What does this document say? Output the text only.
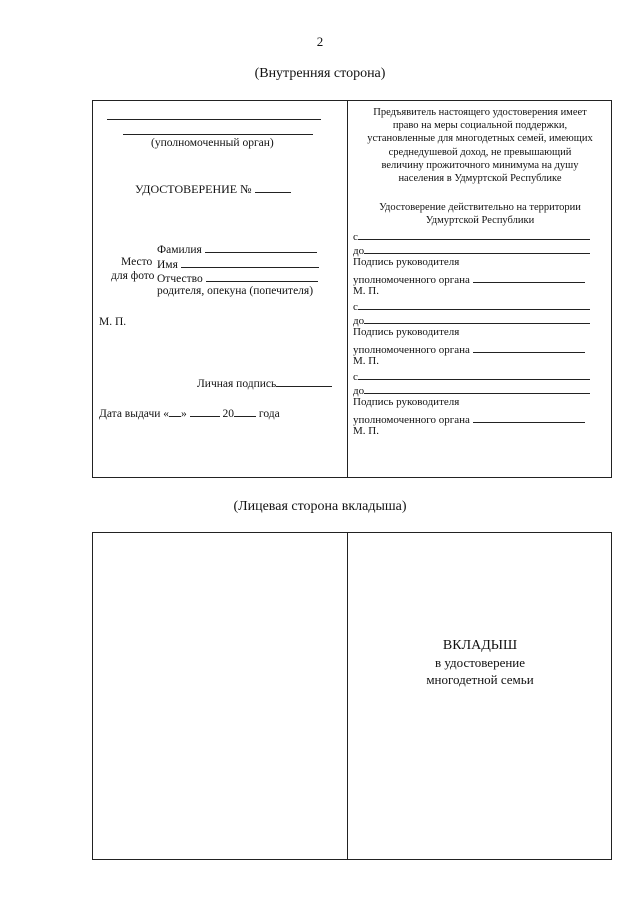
2
(Внутренняя сторона)
(уполномоченный орган)
УДОСТОВЕРЕНИЕ №
Фамилия
Место
для фото
Имя
Отчество
родителя, опекуна (попечителя)
М. П.
Личная подпись
Дата выдачи « »	20 года
Предъявитель настоящего удостоверения имеет
право на меры социальной поддержки,
установленные для многодетных семей, имеющих
среднедушевой доход, не превышающий
величину прожиточного минимума на душу
населения в Удмуртской Республике
Удостоверение действительно на территории
Удмуртской Республики
с
до
Подпись руководителя
уполномоченного органа
М. П.
с
до
Подпись руководителя
уполномоченного органа
М. П.
с
до
Подпись руководителя
уполномоченного органа
М. П.
(Лицевая сторона вкладыша)
ВКЛАДЫШ
в удостоверение
многодетной семьи
